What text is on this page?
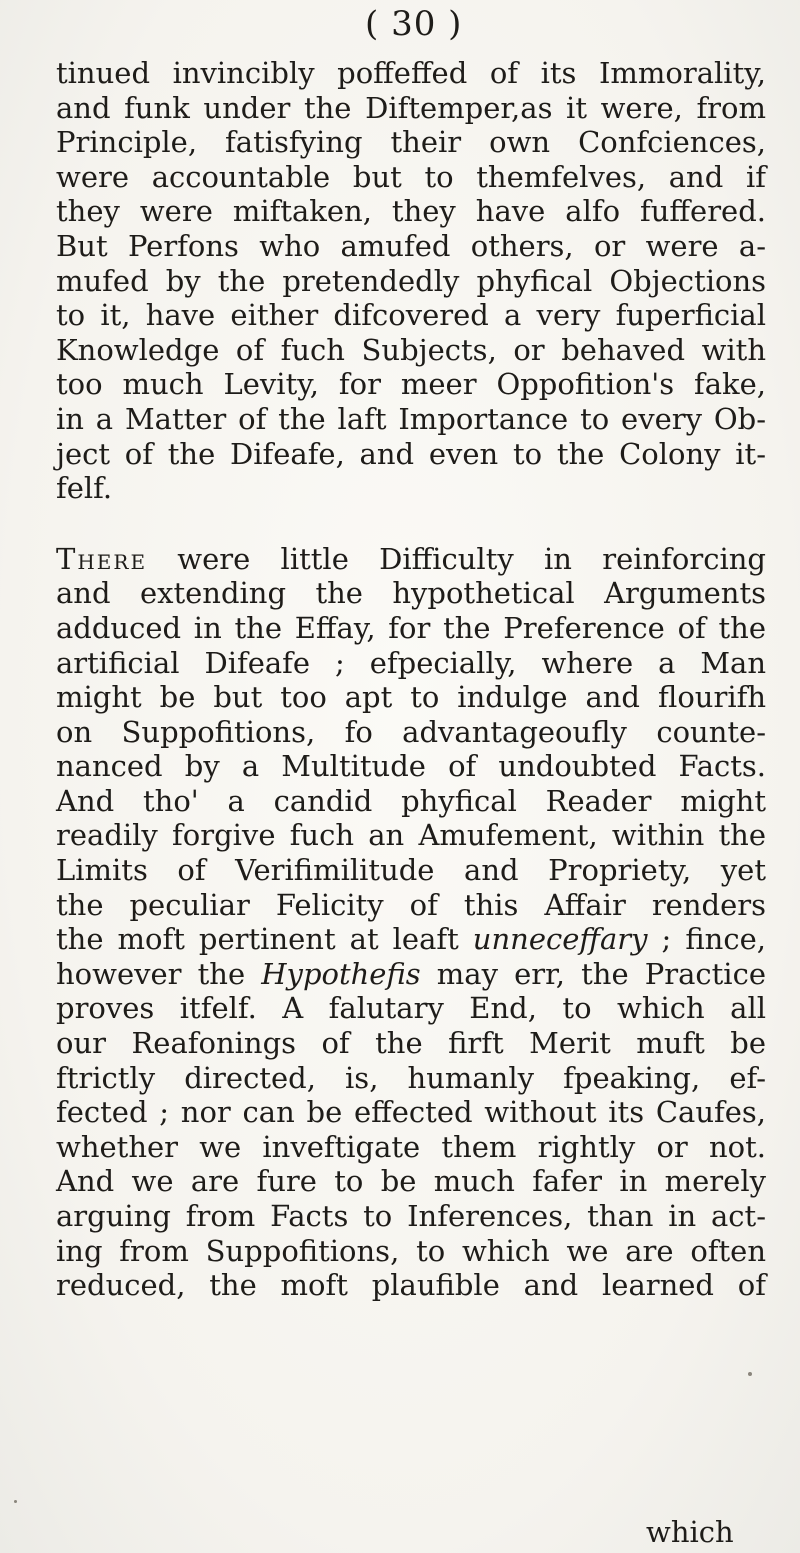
( 30 )
tinued invincibly poffeffed of its Immorality,
and funk under the Diftemper,as it were, from
Principle, fatisfying their own Confciences,
were accountable but to themfelves, and if
they were miftaken, they have alfo fuffered.
But Perfons who amufed others, or were a-
mufed by the pretendedly phyfical Objections
to it, have either difcovered a very fuperficial
Knowledge of fuch Subjects, or behaved with
too much Levity, for meer Oppofition's fake,
in a Matter of the laft Importance to every Ob-
ject of the Difeafe, and even to the Colony it-
felf.
There were little Difficulty in reinforcing
and extending the hypothetical Arguments
adduced in the Effay, for the Preference of the
artificial Difeafe ; efpecially, where a Man
might be but too apt to indulge and flourifh
on Suppofitions, fo advantageoufly counte-
nanced by a Multitude of undoubted Facts.
And tho' a candid phyfical Reader might
readily forgive fuch an Amufement, within the
Limits of Verifimilitude and Propriety, yet
the peculiar Felicity of this Affair renders
the moft pertinent at leaft unneceffary ; fince,
however the Hypothefis may err, the Practice
proves itfelf. A falutary End, to which all
our Reafonings of the firft Merit muft be
ftrictly directed, is, humanly fpeaking, ef-
fected ; nor can be effected without its Caufes,
whether we inveftigate them rightly or not.
And we are fure to be much fafer in merely
arguing from Facts to Inferences, than in act-
ing from Suppofitions, to which we are often
reduced, the moft plaufible and learned of
which
